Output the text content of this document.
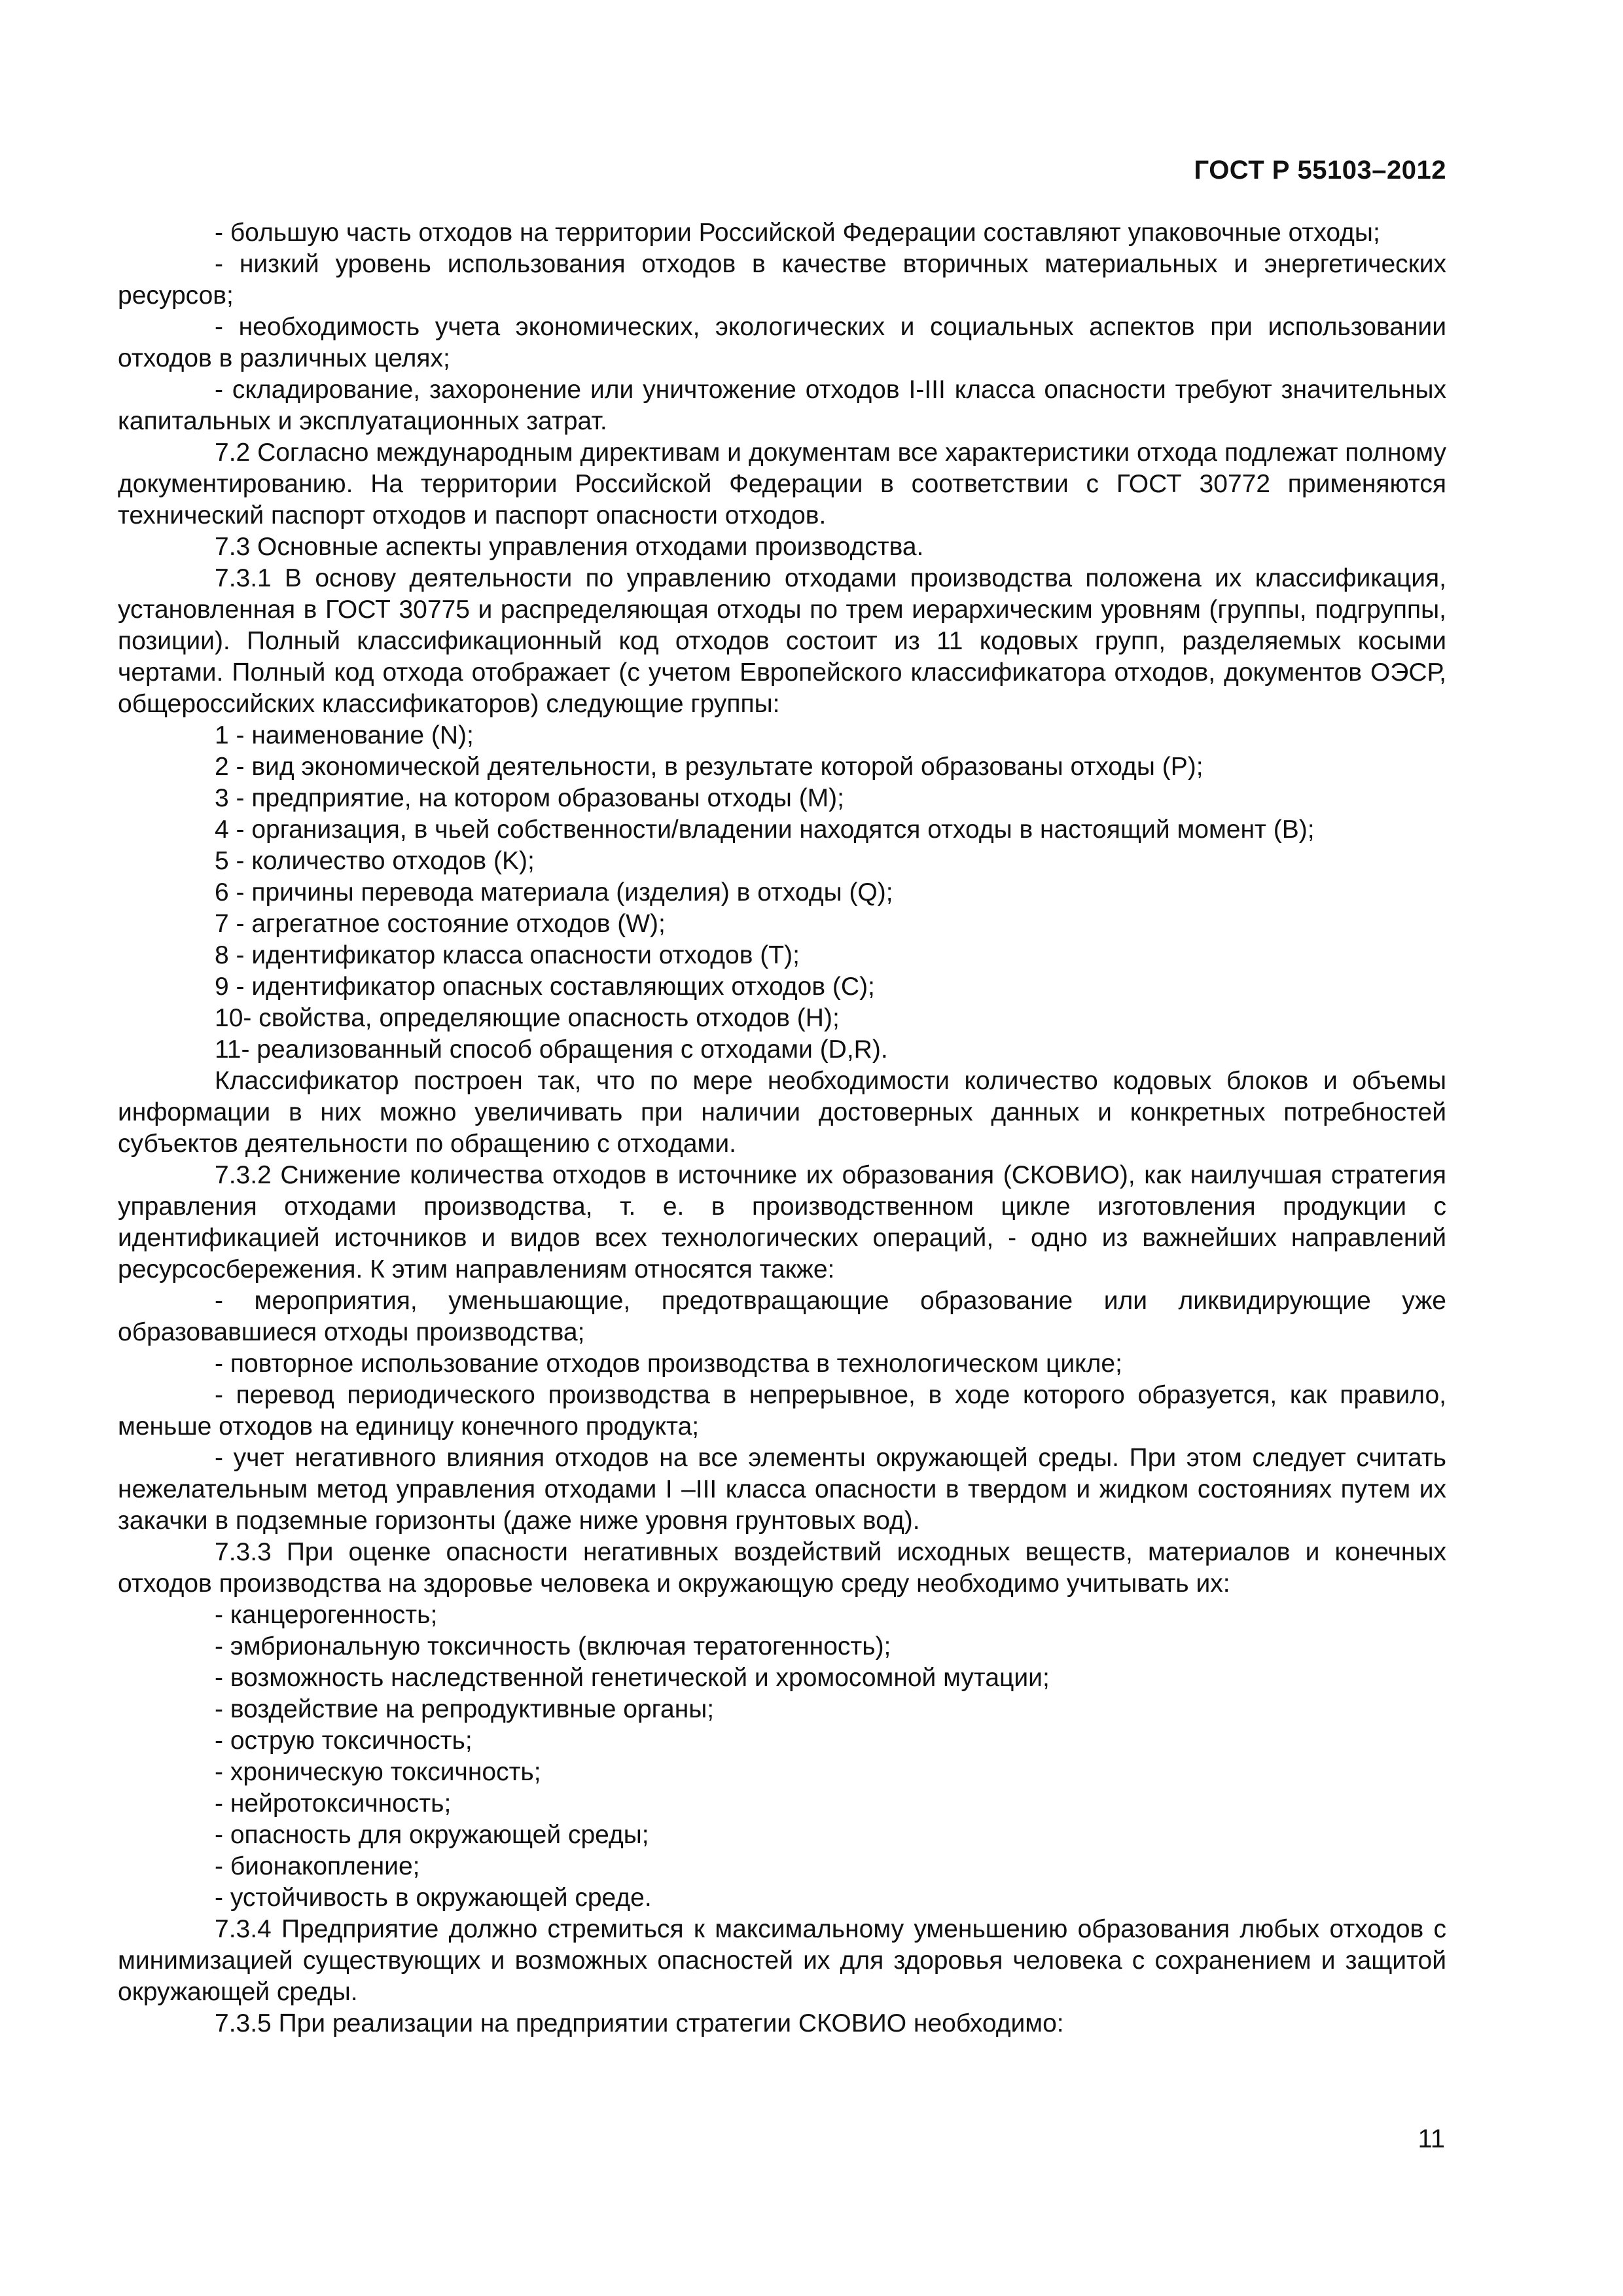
ГОСТ Р 55103–2012

- большую часть отходов на территории Российской Федерации составляют упаковочные отходы;

- низкий уровень использования отходов в качестве вторичных материальных и энергетических ресурсов;

- необходимость учета экономических, экологических и социальных аспектов при использовании отходов в различных целях;

- складирование, захоронение или уничтожение отходов I-III класса опасности требуют значительных капитальных и эксплуатационных затрат.

7.2 Согласно международным директивам и документам все характеристики отхода подлежат полному документированию. На территории Российской Федерации в соответствии с ГОСТ 30772 применяются технический паспорт отходов и паспорт опасности отходов.

7.3 Основные аспекты управления отходами производства.

7.3.1 В основу деятельности по управлению отходами производства положена их классификация, установленная в ГОСТ 30775 и распределяющая отходы по трем иерархическим уровням (группы, подгруппы, позиции). Полный классификационный код отходов состоит из 11 кодовых групп, разделяемых косыми чертами. Полный код отхода отображает (с учетом Европейского классификатора отходов, документов ОЭСР, общероссийских классификаторов) следующие группы:

1 - наименование (N);

2 - вид экономической деятельности, в результате которой образованы отходы (P);

3 - предприятие, на котором образованы отходы (M);

4 - организация, в чьей собственности/владении находятся отходы в настоящий момент (B);

5 - количество отходов (K);

6 - причины перевода материала (изделия) в отходы (Q);

7 - агрегатное состояние отходов (W);

8 - идентификатор класса опасности отходов (T);

9 - идентификатор опасных составляющих отходов (C);

10- свойства, определяющие опасность отходов (H);

11- реализованный способ обращения с отходами (D,R).

Классификатор построен так, что по мере необходимости количество кодовых блоков и объемы информации в них можно увеличивать при наличии достоверных данных и конкретных потребностей субъектов деятельности по обращению с отходами.

7.3.2 Снижение количества отходов в источнике их образования (СКОВИО), как наилучшая стратегия управления отходами производства, т. е. в производственном цикле изготовления продукции с идентификацией источников и видов всех технологических операций, - одно из важнейших направлений ресурсосбережения. К этим направлениям относятся также:

- мероприятия, уменьшающие, предотвращающие образование или ликвидирующие уже образовавшиеся отходы производства;

- повторное использование отходов производства в технологическом цикле;

- перевод периодического производства в непрерывное, в ходе которого образуется, как правило, меньше отходов на единицу конечного продукта;

- учет негативного влияния отходов на все элементы окружающей среды. При этом следует считать нежелательным метод управления отходами I –III класса опасности в твердом и жидком состояниях путем их закачки в подземные горизонты (даже ниже уровня грунтовых вод).

7.3.3 При оценке опасности негативных воздействий исходных веществ, материалов и конечных отходов производства на здоровье человека и окружающую среду необходимо учитывать их:

- канцерогенность;

- эмбриональную токсичность (включая тератогенность);

- возможность наследственной генетической и хромосомной мутации;

- воздействие на репродуктивные органы;

- острую токсичность;

- хроническую токсичность;

- нейротоксичность;

- опасность для окружающей среды;

- бионакопление;

- устойчивость в окружающей среде.

7.3.4 Предприятие должно стремиться к максимальному уменьшению образования любых отходов с минимизацией существующих и возможных опасностей их для здоровья человека с сохранением и защитой окружающей среды.

7.3.5 При реализации на предприятии стратегии СКОВИО необходимо:

11
